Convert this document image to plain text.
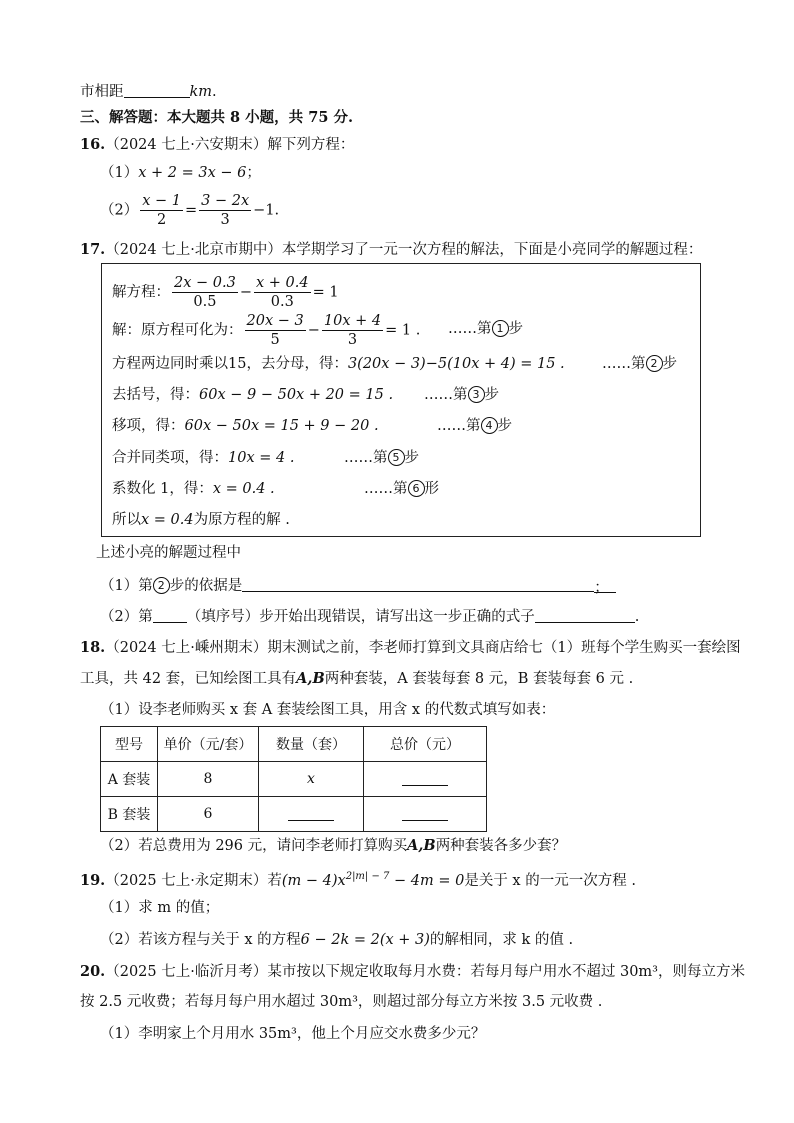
市相距	km.
三、解答题：本大题共 8 小题，共 75 分.
16.（2024 七上·六安期末）解下列方程：
（1）x + 2 = 3x − 6；
$(2) \frac{x - 1}{2} = \frac{3 - 2x}{3} -1$.
17.（2024 七上·北京市期中）本学期学习了一元一次方程的解法，下面是小亮同学的解题过程：
解方程： $\frac{2x - 0.3}{0.5} - \frac{x + 0.4}{0.3} = 1$
解：原方程可化为： $\frac{20x - 3}{5} - \frac{10x + 4}{3} = 1$ . ……第 1 步
方程两边同时乘以15，去分母，得：3(20x − 3)−5(10x + 4) = 15 .	……第 2 步
去括号，得：60x − 9 − 50x + 20 = 15 . ……第 3 步
移项，得：60x − 50x = 15 + 9 − 20 .	……第 4 步
合并同类项，得：10x = 4 .	……第 5 步
系数化 1，得：x = 0.4 .	……第 6 形
所以x = 0.4为原方程的解 .
上述小亮的解题过程中
（1）第 2 步的依据是	；
（2）第 （填序号）步开始出现错误，请写出这一步正确的式子	.
18.（2024 七上·嵊州期末）期末测试之前，李老师打算到文具商店给七（1）班每个学生购买一套绘图
工具，共 42 套，已知绘图工具有A,B两种套装，A 套装每套 8 元，B 套装每套 6 元 .
（1）设李老师购买 x 套 A 套装绘图工具，用含 x 的代数式填写如表：
型号	单价（元/套）	数量（套）	总价（元）
A 套装	8	x	
B 套装	6		
（2）若总费用为 296 元，请问李老师打算购买A,B两种套装各多少套？
19.（2025 七上·永定期末）若$(m - 4)x^{2|m| - 7} - 4m = 0$是关于 x 的一元一次方程 .
（1）求 m 的值；
（2）若该方程与关于 x 的方程6 − 2k = 2(x + 3)的解相同，求 k 的值 .
20.（2025 七上·临沂月考）某市按以下规定收取每月水费：若每月每户用水不超过 30m³，则每立方米
按 2.5 元收费；若每月每户用水超过 30m³，则超过部分每立方米按 3.5 元收费 .
（1）李明家上个月用水 35m³，他上个月应交水费多少元？
